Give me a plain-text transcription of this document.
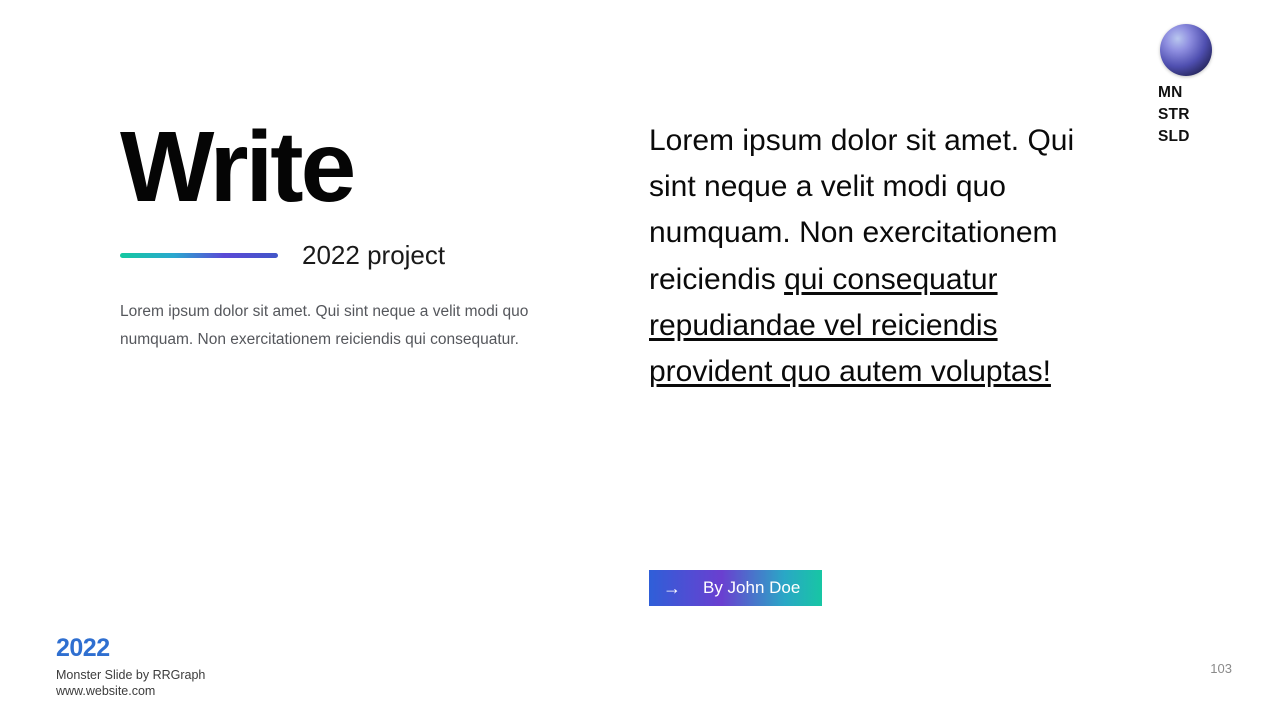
MN
STR
SLD
Write
2022 project
Lorem ipsum dolor sit amet. Qui sint neque a velit modi quo numquam. Non exercitationem reiciendis qui consequatur.
Lorem ipsum dolor sit amet. Qui sint neque a velit modi quo numquam. Non exercitationem reiciendis qui consequatur repudiandae vel reiciendis provident quo autem voluptas!
→ By John Doe
2022
Monster Slide by RRGraph
www.website.com
103
